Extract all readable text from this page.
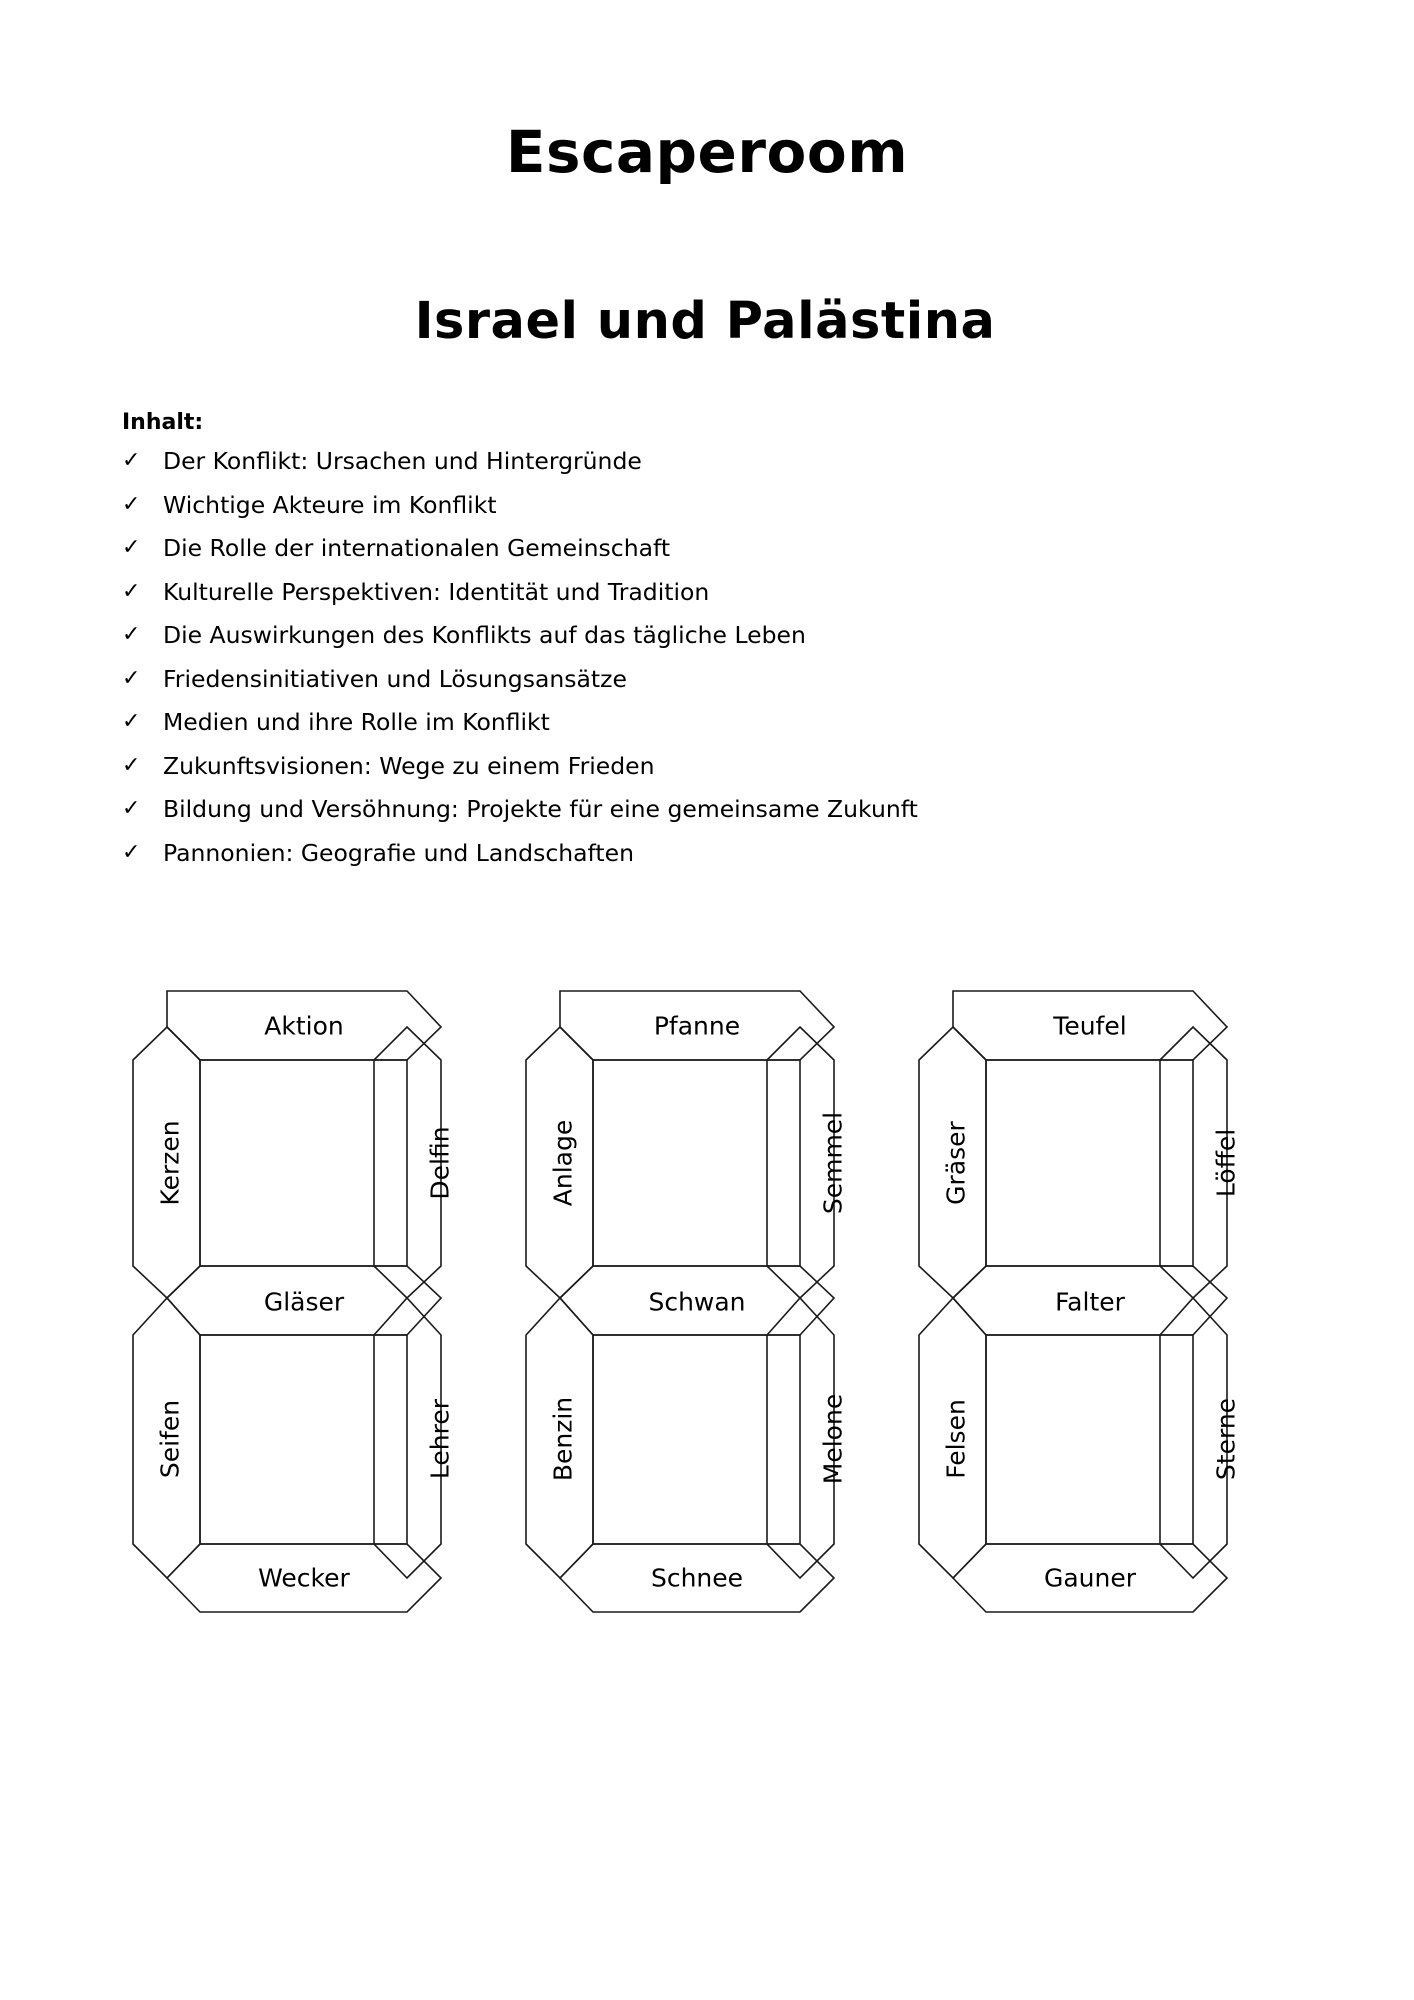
Escaperoom
Israel und Palästina
Inhalt:
✓ Der Konflikt: Ursachen und Hintergründe
✓ Wichtige Akteure im Konflikt
✓ Die Rolle der internationalen Gemeinschaft
✓ Kulturelle Perspektiven: Identität und Tradition
✓ Die Auswirkungen des Konflikts auf das tägliche Leben
✓ Friedensinitiativen und Lösungsansätze
✓ Medien und ihre Rolle im Konflikt
✓ Zukunftsvisionen: Wege zu einem Frieden
✓ Bildung und Versöhnung: Projekte für eine gemeinsame Zukunft
✓ Pannonien: Geografie und Landschaften
Aktion
Kerzen	Delfin
Gläser
Seifen	Lehrer
Wecker
Pfanne
Anlage	Semmel
Schwan
Benzin	Melone
Schnee
Teufel
Gräser	Löffel
Falter
Felsen	Sterne
Gauner
